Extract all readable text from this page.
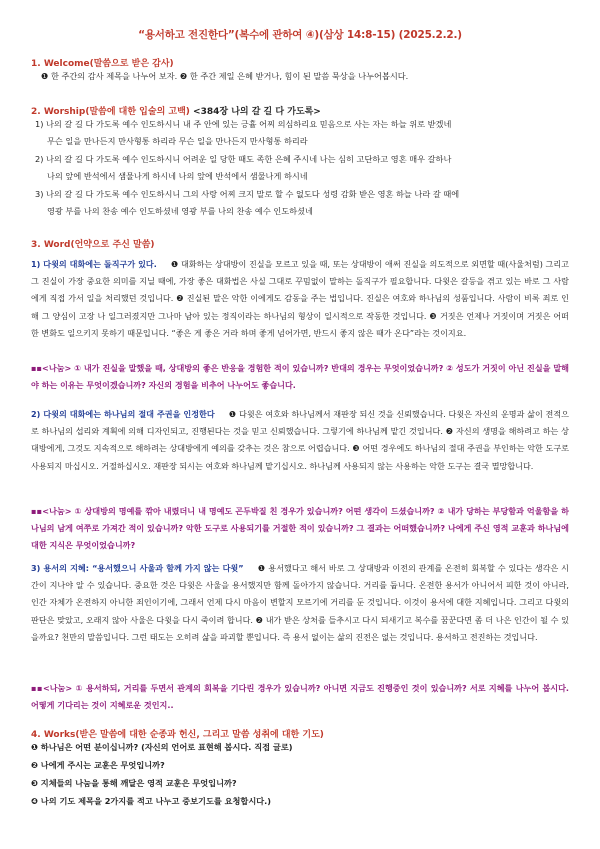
“용서하고 전진한다”(복수에 관하여 ④)(삼상 14:8-15) (2025.2.2.)
1. Welcome(말씀으로 받은 감사)
❶ 한 주간의 감사 제목을 나누어 보자. ❷ 한 주간 제일 은혜 받거나, 힘이 된 말씀 묵상을 나누어봅시다.
2. Worship(말씀에 대한 입술의 고백) <384장 나의 갈 길 다 가도록>
1) 나의 갈 길 다 가도록 예수 인도하시니 내 주 안에 있는 긍휼 어찌 의심하리요 믿음으로 사는 자는 하늘 위로 받겠네
무슨 일을 만나든지 만사형통 하리라 무슨 일을 만나든지 만사형통 하리라
2) 나의 갈 길 다 가도록 예수 인도하시니 어려운 일 당한 때도 족한 은혜 주시네 나는 심히 고단하고 영혼 매우 갈하나
나의 앞에 반석에서 샘물나게 하시네 나의 앞에 반석에서 샘물나게 하시네
3) 나의 갈 길 다 가도록 예수 인도하시니 그의 사랑 어찌 크지 말로 할 수 없도다 성령 감화 받은 영혼 하늘 나라 갈 때에
영광 부를 나의 찬송 예수 인도하셨네 영광 부를 나의 찬송 예수 인도하셨네
3. Word(언약으로 주신 말씀)
1) 다윗의 대화에는 돌직구가 있다. ❶ 대화하는 상대방이 진실을 모르고 있을 때, 또는 상대방이 애써 진실을 의도적으로 외면할 때(사울처럼) 그리고 그 진실이 가장 중요한 의미를 지닐 때에, 가장 좋은 대화법은 사실 그대로 꾸밈없이 말하는 돌직구가 필요합니다. 다윗은 갈등을 겪고 있는 바로 그 사람에게 직접 가서 일을 처리했던 것입니다. ❷ 진실된 말은 악한 이에게도 감동을 주는 법입니다. 진실은 여호와 하나님의 성품입니다. 사람이 비록 죄로 인해 그 양심이 고장 나 일그러졌지만 그나마 남아 있는 정직이라는 하나님의 형상이 일시적으로 작동한 것입니다. ❸ 거짓은 언제나 거짓이며 거짓은 어떠한 변화도 일으키지 못하기 때문입니다. “좋은 게 좋은 거라 하며 좋게 넘어가면, 반드시 좋지 않은 때가 온다”라는 것이지요.
▪▪<나눔> ① 내가 진실을 말했을 때, 상대방의 좋은 반응을 경험한 적이 있습니까? 반대의 경우는 무엇이었습니까? ② 성도가 거짓이 아닌 진실을 말해야 하는 이유는 무엇이겠습니까? 자신의 경험을 비추어 나누어도 좋습니다.
2) 다윗의 대화에는 하나님의 절대 주권을 인정한다 ❶ 다윗은 여호와 하나님께서 재판장 되신 것을 신뢰했습니다. 다윗은 자신의 운명과 삶이 전적으로 하나님의 섭리와 계획에 의해 디자인되고, 진행된다는 것을 믿고 신뢰했습니다. 그렇기에 하나님께 맡긴 것입니다. ❷ 자신의 생명을 해하려고 하는 상대방에게, 그것도 지속적으로 해하려는 상대방에게 예의를 갖추는 것은 참으로 어렵습니다. ❸ 어떤 경우에도 하나님의 절대 주권을 부인하는 악한 도구로 사용되지 마십시오. 거절하십시오. 재판장 되시는 여호와 하나님께 맡기십시오. 하나님께 사용되지 않는 사용하는 악한 도구는 결국 멸망합니다.
▪▪<나눔> ① 상대방의 명예를 깎아 내렸더니 내 명예도 곤두박질 친 경우가 있습니까? 어떤 생각이 드셨습니까? ② 내가 당하는 부당함과 억울함을 하나님의 남게 여쭈로 가져간 적이 있습니까? 악한 도구로 사용되기를 거절한 적이 있습니까? 그 결과는 어떠했습니까? 나에게 주신 영적 교훈과 하나님에 대한 지식은 무엇이었습니까?
3) 용서의 지혜: “용서했으니 사울과 함께 가지 않는 다윗” ❶ 용서했다고 해서 바로 그 상대방과 이전의 관계를 온전히 회복할 수 있다는 생각은 시간이 지나야 알 수 있습니다. 중요한 것은 다윗은 사울을 용서했지만 함께 돌아가지 않습니다. 거리를 둡니다. 온전한 용서가 아니어서 피한 것이 아니라, 인간 자체가 온전하지 아니한 죄인이기에, 그래서 언제 다시 마음이 변할지 모르기에 거리를 둔 것입니다. 이것이 용서에 대한 지혜입니다. 그리고 다윗의 판단은 맞았고, 오래지 않아 사울은 다윗을 다시 죽이려 합니다. ❷ 내가 받은 상처를 들추시고 다시 되새기고 복수를 꿈꾼다면 좀 더 나은 인간이 될 수 있을까요? 천만의 말씀입니다. 그런 태도는 오히려 삶을 파괴할 뿐입니다. 즉 용서 없이는 삶의 진전은 없는 것입니다. 용서하고 전진하는 것입니다.
▪▪<나눔> ① 용서하되, 거리를 두면서 관계의 회복을 기다린 경우가 있습니까? 아니면 지금도 진행중인 것이 있습니까? 서로 지혜를 나누어 봅시다. 어떻게 기다리는 것이 지혜로운 것인지..
4. Works(받은 말씀에 대한 순종과 헌신, 그리고 말씀 성취에 대한 기도)
❶ 하나님은 어떤 분이십니까? (자신의 언어로 표현해 봅시다. 직접 글로)
❷ 나에게 주시는 교훈은 무엇입니까?
❸ 지체들의 나눔을 통해 깨달은 영적 교훈은 무엇입니까?
❹ 나의 기도 제목을 2가지를 적고 나누고 중보기도를 요청합시다.)
